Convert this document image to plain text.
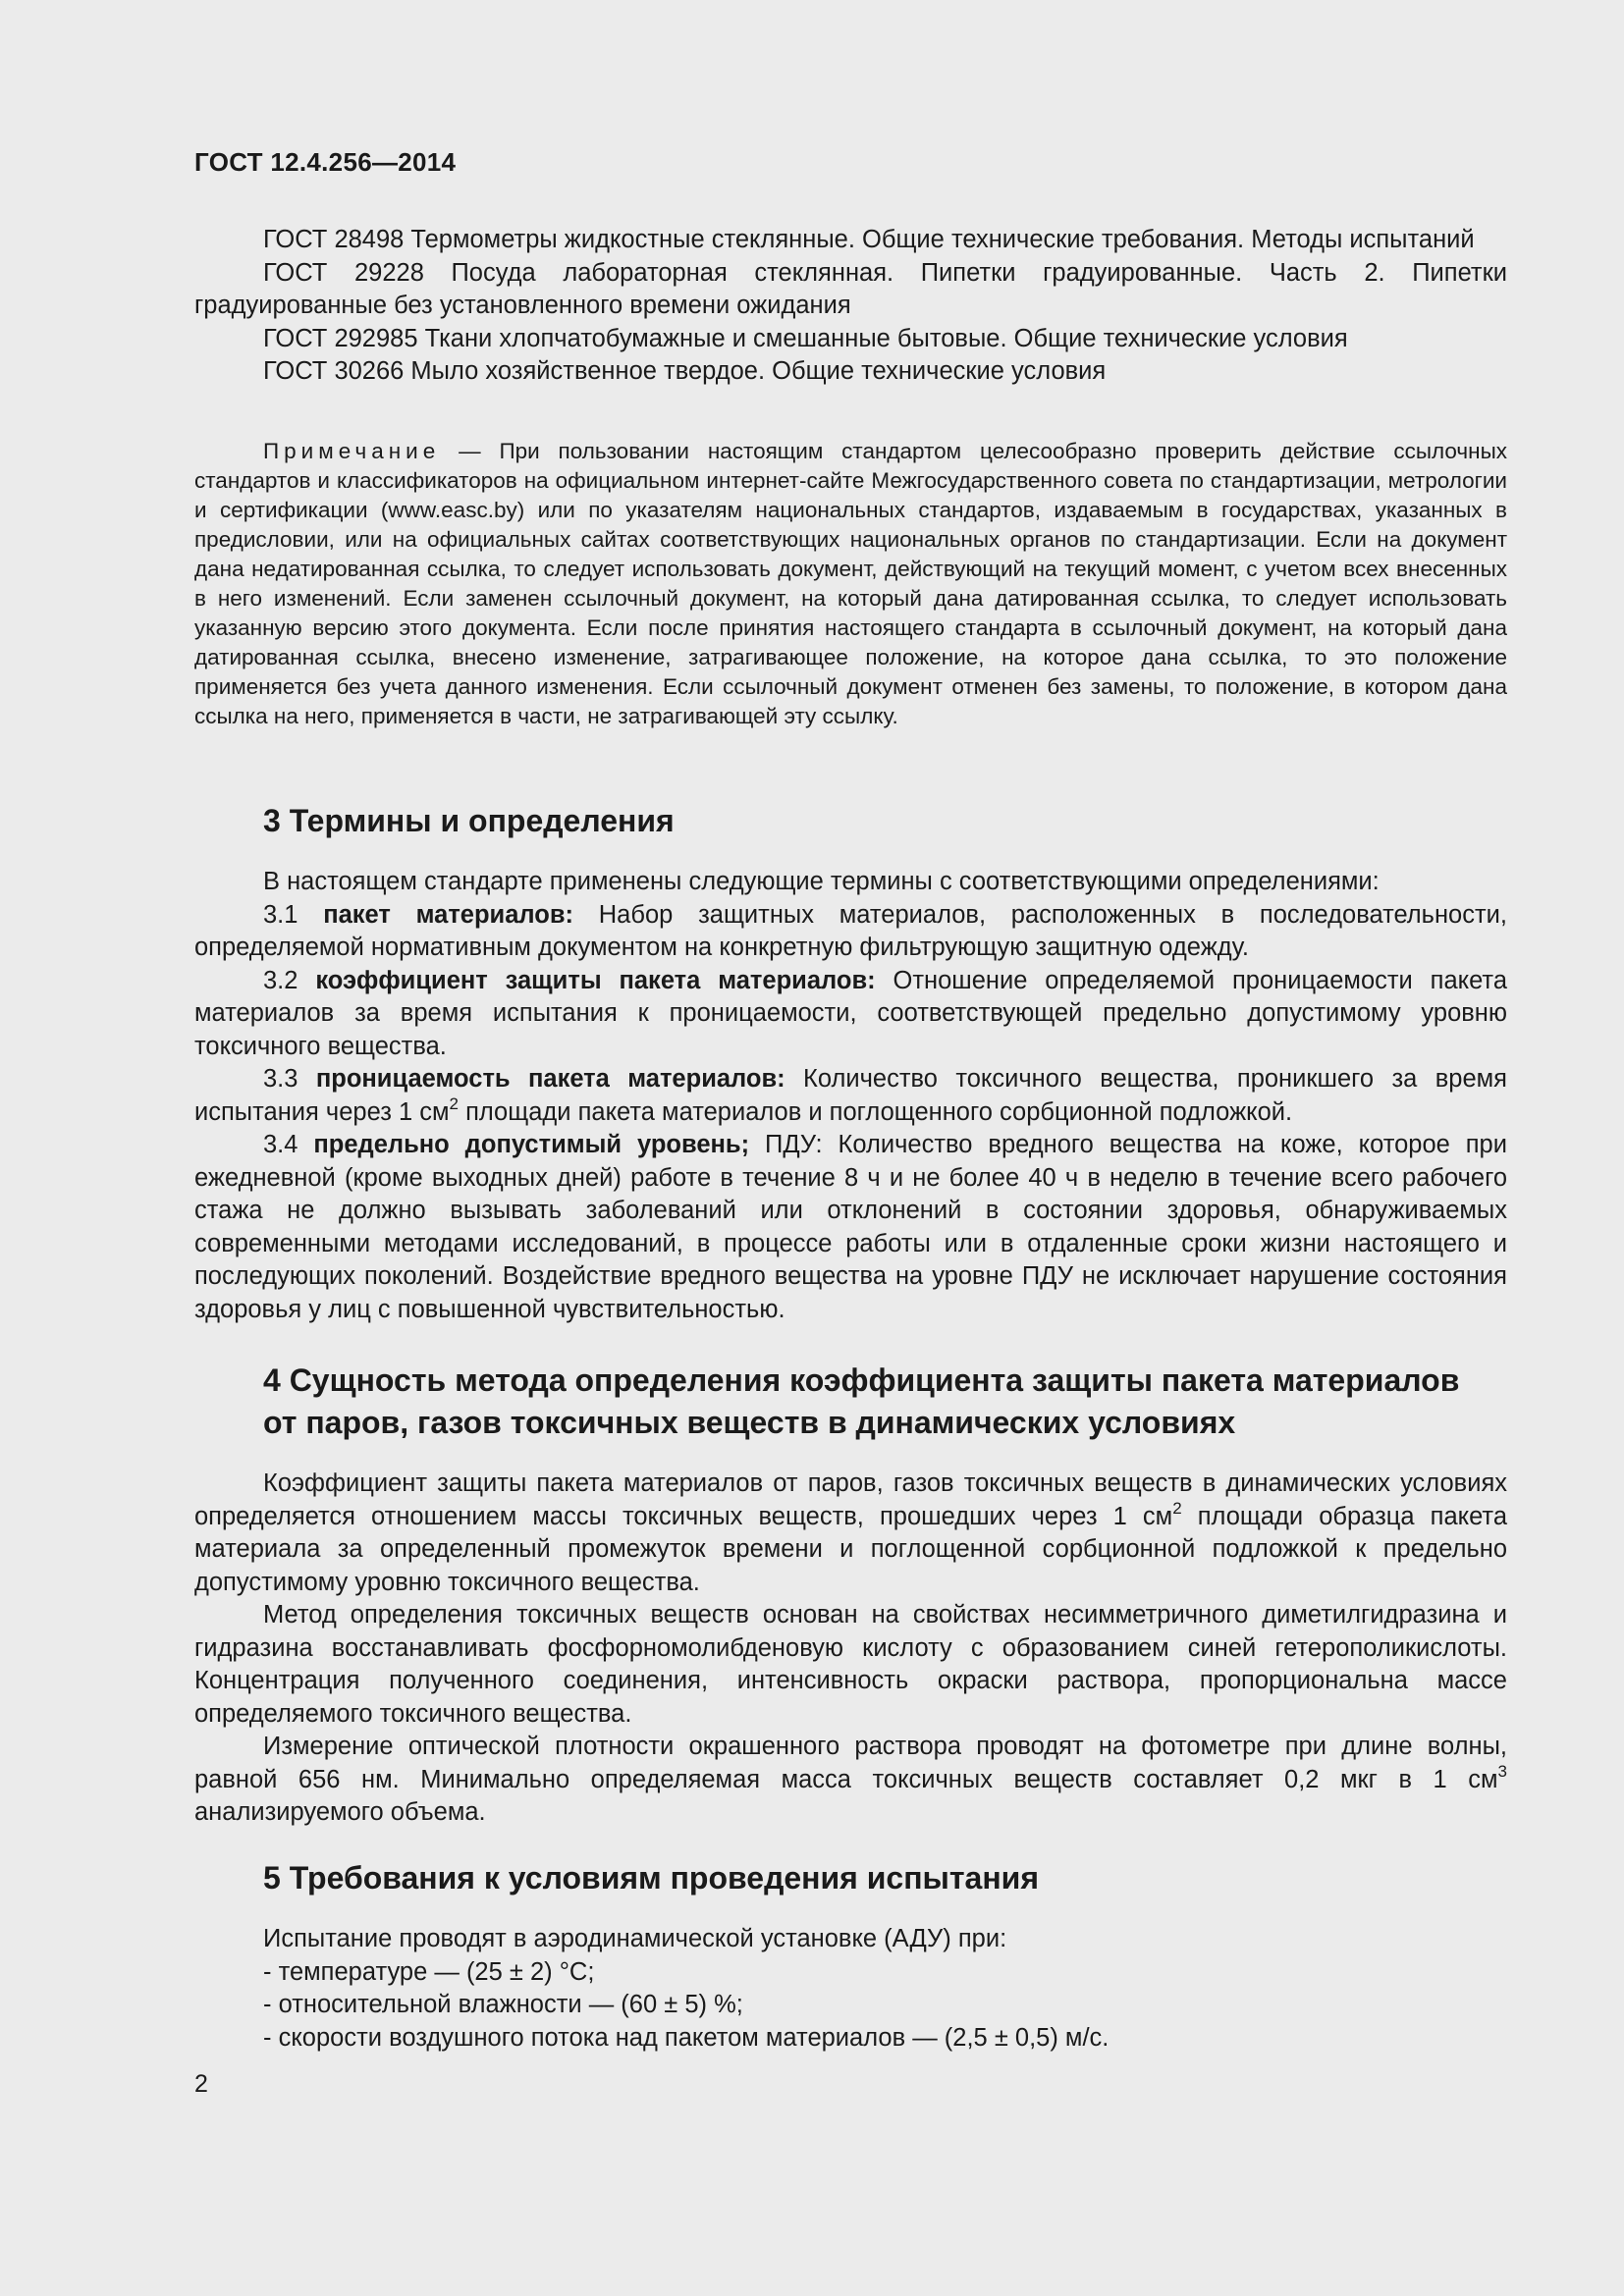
ГОСТ 12.4.256—2014

ГОСТ 28498 Термометры жидкостные стеклянные. Общие технические требования. Методы испытаний

ГОСТ 29228 Посуда лабораторная стеклянная. Пипетки градуированные. Часть 2. Пипетки градуированные без установленного времени ожидания

ГОСТ 292985 Ткани хлопчатобумажные и смешанные бытовые. Общие технические условия

ГОСТ 30266 Мыло хозяйственное твердое. Общие технические условия

Примечание — При пользовании настоящим стандартом целесообразно проверить действие ссылочных стандартов и классификаторов на официальном интернет-сайте Межгосударственного совета по стандартизации, метрологии и сертификации (www.easc.by) или по указателям национальных стандартов, издаваемым в государствах, указанных в предисловии, или на официальных сайтах соответствующих национальных органов по стандартизации. Если на документ дана недатированная ссылка, то следует использовать документ, действующий на текущий момент, с учетом всех внесенных в него изменений. Если заменен ссылочный документ, на который дана датированная ссылка, то следует использовать указанную версию этого документа. Если после принятия настоящего стандарта в ссылочный документ, на который дана датированная ссылка, внесено изменение, затрагивающее положение, на которое дана ссылка, то это положение применяется без учета данного изменения. Если ссылочный документ отменен без замены, то положение, в котором дана ссылка на него, применяется в части, не затрагивающей эту ссылку.

3 Термины и определения

В настоящем стандарте применены следующие термины с соответствующими определениями:

3.1 пакет материалов: Набор защитных материалов, расположенных в последовательности, определяемой нормативным документом на конкретную фильтрующую защитную одежду.

3.2 коэффициент защиты пакета материалов: Отношение определяемой проницаемости пакета материалов за время испытания к проницаемости, соответствующей предельно допустимому уровню токсичного вещества.

3.3 проницаемость пакета материалов: Количество токсичного вещества, проникшего за время испытания через 1 $см^2$ площади пакета материалов и поглощенного сорбционной подложкой.

3.4 предельно допустимый уровень; ПДУ: Количество вредного вещества на коже, которое при ежедневной (кроме выходных дней) работе в течение 8 ч и не более 40 ч в неделю в течение всего рабочего стажа не должно вызывать заболеваний или отклонений в состоянии здоровья, обнаруживаемых современными методами исследований, в процессе работы или в отдаленные сроки жизни настоящего и последующих поколений. Воздействие вредного вещества на уровне ПДУ не исключает нарушение состояния здоровья у лиц с повышенной чувствительностью.

4 Сущность метода определения коэффициента защиты пакета материалов
от паров, газов токсичных веществ в динамических условиях

Коэффициент защиты пакета материалов от паров, газов токсичных веществ в динамических условиях определяется отношением массы токсичных веществ, прошедших через 1 $см^2$ площади образца пакета материала за определенный промежуток времени и поглощенной сорбционной подложкой к предельно допустимому уровню токсичного вещества.

Метод определения токсичных веществ основан на свойствах несимметричного диметилгидразина и гидразина восстанавливать фосфорномолибденовую кислоту с образованием синей гетерополикислоты. Концентрация полученного соединения, интенсивность окраски раствора, пропорциональна массе определяемого токсичного вещества.

Измерение оптической плотности окрашенного раствора проводят на фотометре при длине волны, равной 656 нм. Минимально определяемая масса токсичных веществ составляет 0,2 мкг в 1 $см^3$ анализируемого объема.

5 Требования к условиям проведения испытания

Испытание проводят в аэродинамической установке (АДУ) при:

- температуре — (25 ± 2) °С;

- относительной влажности — (60 ± 5) %;

- скорости воздушного потока над пакетом материалов — (2,5 ± 0,5) м/с.

2
